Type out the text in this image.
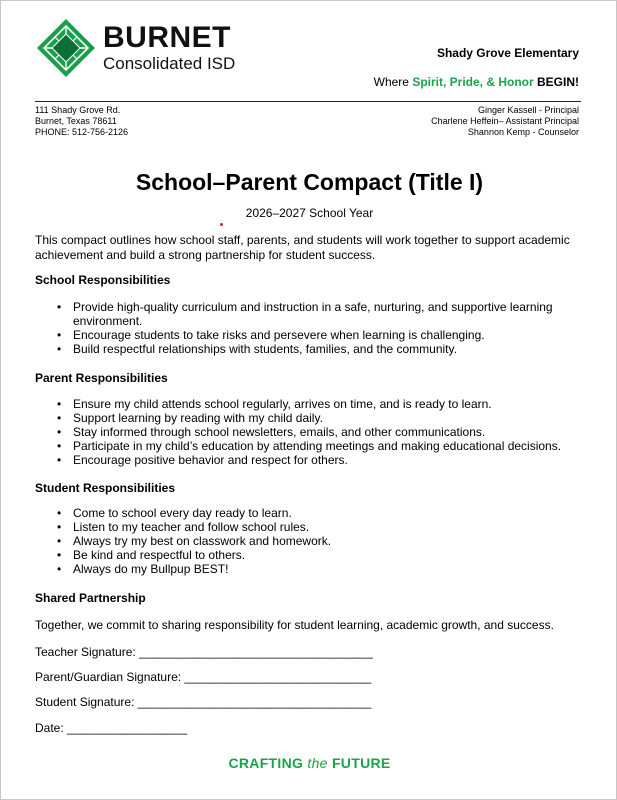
BURNET
Consolidated ISD
Shady Grove Elementary
Where Spirit, Pride, & Honor BEGIN!
111 Shady Grove Rd.
Burnet, Texas 78611
PHONE: 512-756-2126
Ginger Kassell - Principal
Charlene Heffein– Assistant Principal
Shannon Kemp - Counselor
School–Parent Compact (Title I)
2026–2027 School Year
This compact outlines how school staff, parents, and students will work together to support academic achievement and build a strong partnership for student success.
School Responsibilities
• Provide high-quality curriculum and instruction in a safe, nurturing, and supportive learning environment.
• Encourage students to take risks and persevere when learning is challenging.
• Build respectful relationships with students, families, and the community.
Parent Responsibilities
• Ensure my child attends school regularly, arrives on time, and is ready to learn.
• Support learning by reading with my child daily.
• Stay informed through school newsletters, emails, and other communications.
• Participate in my child’s education by attending meetings and making educational decisions.
• Encourage positive behavior and respect for others.
Student Responsibilities
• Come to school every day ready to learn.
• Listen to my teacher and follow school rules.
• Always try my best on classwork and homework.
• Be kind and respectful to others.
• Always do my Bullpup BEST!
Shared Partnership
Together, we commit to sharing responsibility for student learning, academic growth, and success.
Teacher Signature: ___________________________________
Parent/Guardian Signature: ____________________________
Student Signature: ___________________________________
Date: __________________
CRAFTING the FUTURE
